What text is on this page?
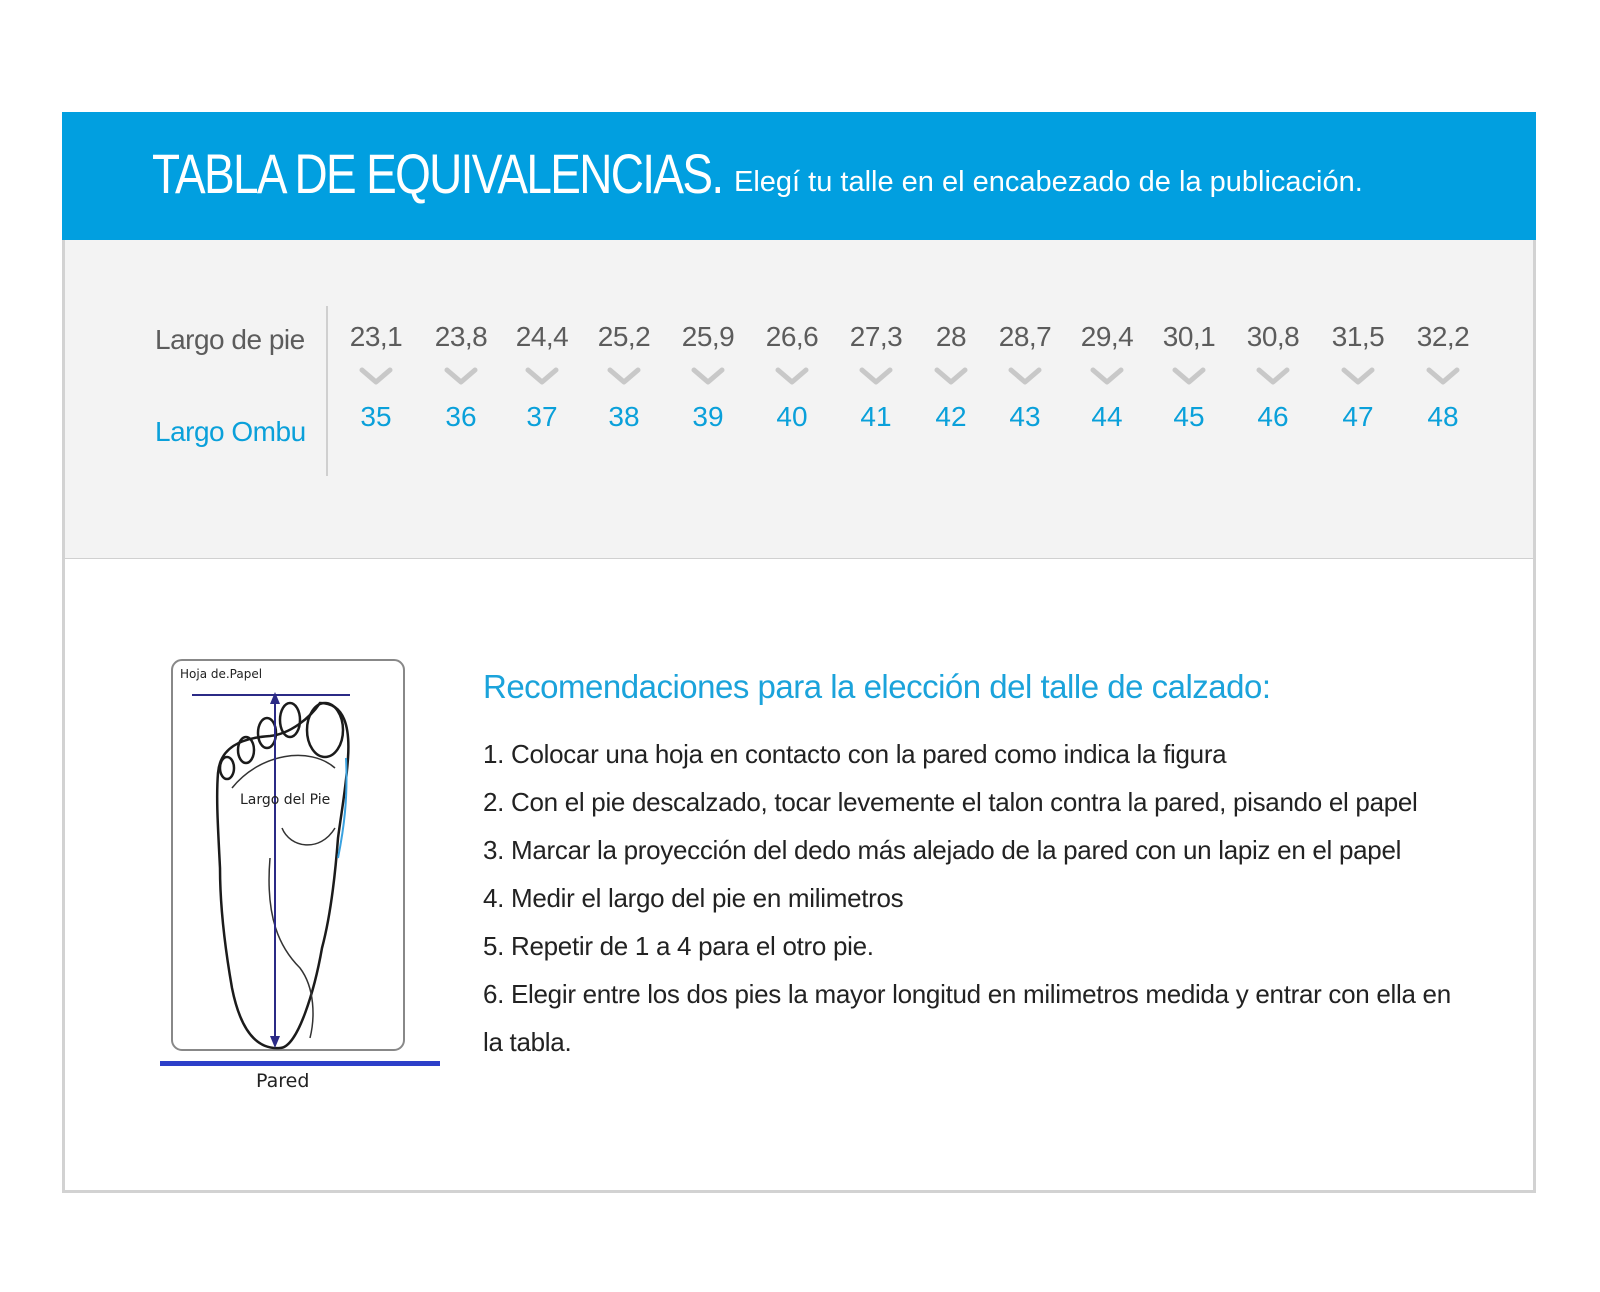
TABLA DE EQUIVALENCIAS. Elegí tu talle en el encabezado de la publicación.
Largo de pie
Largo Ombu
23,1
35
23,8
36
24,4
37
25,2
38
25,9
39
26,6
40
27,3
41
28
42
28,7
43
29,4
44
30,1
45
30,8
46
31,5
47
32,2
48
Hoja de.Papel
Largo del Pie
Pared
Recomendaciones para la elección del talle de calzado:
1. Colocar una hoja en contacto con la pared como indica la figura
2. Con el pie descalzado, tocar levemente el talon contra la pared, pisando el papel
3. Marcar la proyección del dedo más alejado de la pared con un lapiz en el papel
4. Medir el largo del pie en milimetros
5. Repetir de 1 a 4 para el otro pie.
6. Elegir entre los dos pies la mayor longitud en milimetros medida y entrar con ella en la tabla.
